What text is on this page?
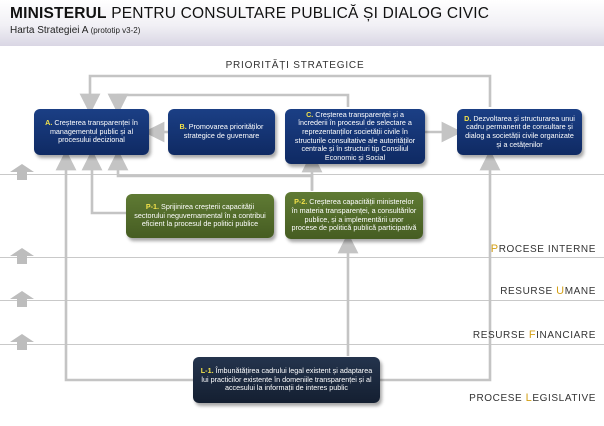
MINISTERUL PENTRU CONSULTARE PUBLICĂ ȘI DIALOG CIVIC
Harta Strategiei A (prototip v3-2)
PRIORITĂȚI STRATEGICE
A. Creșterea transparenței în managementul public și al procesului decizional
B. Promovarea priorităților strategice de guvernare
C. Creșterea transparenței și a încrederii în procesul de selectare a reprezentanților societății civile în structurile consultative ale autorităților centrale și în structuri tip Consiliul Economic și Social
D. Dezvoltarea și structurarea unui cadru permanent de consultare și dialog a societății civile organizate și a cetățenilor
P-1. Sprijinirea creșterii capacității sectorului neguvernamental în a contribui eficient la procesul de politici publice
P-2. Creșterea capacității ministerelor în materia transparenței, a consultărilor publice, și a implementării unor procese de politică publică participativă
L-1. Îmbunătățirea cadrului legal existent și adaptarea lui practicilor existente în domeniile transparenței și al accesului la informații de interes public
PROCESE INTERNE
RESURSE UMANE
RESURSE FINANCIARE
PROCESE LEGISLATIVE
